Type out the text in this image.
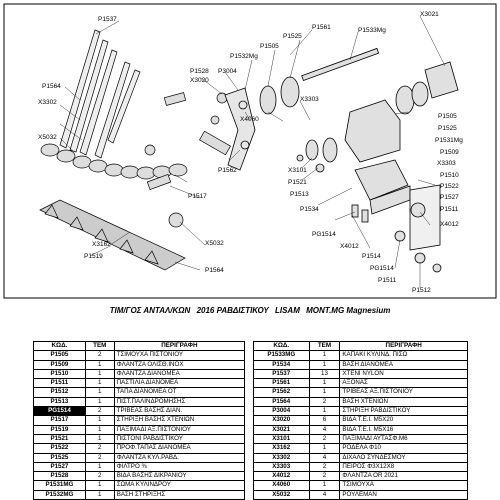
P1537
P1561
X3021
P1525
P1533Mg
P1505
P1532Mg
P1528
X3020
P3004
P1564
X3302	X3303
X5032
X4060	P1505
P1525
P1531Mg
P1509
X3303
P1510
P1562	X3101
P1521
P1513
P1522
P1517	P1527
P1511
P1534
X4012
PG1514
X4012
X3162	X5032
P1519
P1564
P1514
PG1514
P1511
P1512
ΤΙΜ/ΓΟΣ ΑΝΤΑΛ/ΚΩΝ 2016 ΡΑΒΔΙΣΤΙΚΟΥ LISAM MONT.MG Magnesium
ΚΩΔ.	ΤΕΜ	ΠΕΡΙΓΡΑΦΗ
P1505	2	ΤΣΙΜΟΥΧΑ ΠΙΣΤΟΝΙΟΥ
P1509	1	ΦΛΑΝΤΖΑ ΟΛΙΣΘ.INOX
P1510	1	ΦΛΑΝΤΖΑ ΔΙΑΝΟΜΕΑ
P1511	1	ΠΑΣΤΙΛΙΑ ΔΙΑΝΟΜΕΑ
P1512	1	ΤΑΠΑ ΔΙΑΝΟΜΕΑ ΟΤ
P1513	1	ΠΙΣΤ.ΠΑΛΙΝΔΡΟΜΗΣΗΣ
PG1514	2	ΤΡΙΒΕΑΣ ΒΑΣΗΣ ΔΙΑΝ.
P1517	1	ΣΤΗΡΙΞΗ ΒΑΣΗΣ ΧΤΕΝΙΩΝ
P1519	1	ΠΑΞΙΜΑΔΙ ΑΞ.ΠΙΣΤΟΝΙΟΥ
P1521	1	ΠΙΣΤΟΝΙ ΡΑΒΔΙΣΤΙΚΟΥ
P1522	2	ΠΡΟΦ.ΤΑΠΑΣ ΔΙΑΝΟΜΕΑ
P1525	2	ΦΛΑΝΤΖΑ ΚΥΛ.ΡΑΒΔ.
P1527	1	ΦΙΛΤΡΟ ⅜
P1528	2	ΒΙΔΑ ΒΑΣΗΣ ΔΙΚΡΑΝΙΟΥ
P1531MG	1	ΣΩΜΑ ΚΥΛΙΝΔΡΟΥ
P1532MG	1	ΒΑΣΗ ΣΤΗΡΙΞΗΣ
ΚΩΔ.	ΤΕΜ	ΠΕΡΙΓΡΑΦΗ
P1533MG	1	ΚΑΠΑΚΙ ΚΥΛΙΝΔ. ΠΙΣΩ
P1534	1	ΒΑΣΗ ΔΙΑΝΟΜΕΑ
P1537	13	ΧΤΕΝΙ NYLON
P1561	1	ΑΞΟΝΑΣ
P1562	1	ΤΡΙΒΕΑΣ ΑΞ.ΠΙΣΤΟΝΙΟΥ
P1564	2	ΒΑΣΗ ΧΤΕΝΙΩΝ
P3004	1	ΣΤΗΡΙΞΗ ΡΑΒΔΙΣΤΙΚΟΥ
X3020	6	ΒΙΔΑ Τ.Ε.Ι. Μ5Χ20
X3021	4	ΒΙΔΑ Τ.Ε.Ι. Μ5Χ16
X3101	2	ΠΑΞΙΜΑΔΙ ΑΥΤΑΣΦ.Μ6
X3162	1	ΡΟΔΕΛΑ Φ10
X3302	4	ΔΙΧΑΛΟ ΣΥΝΔΕΣΜΟΥ
X3303	2	ΠΕΙΡΟΣ Φ3Χ12Χ8
X4012	2	ΦΛΑΝΤΖΑ OR 2021
X4060	1	ΤΣΙΜΟΥΧΑ
X5032	4	ΡΟΥΛΕΜΑΝ
